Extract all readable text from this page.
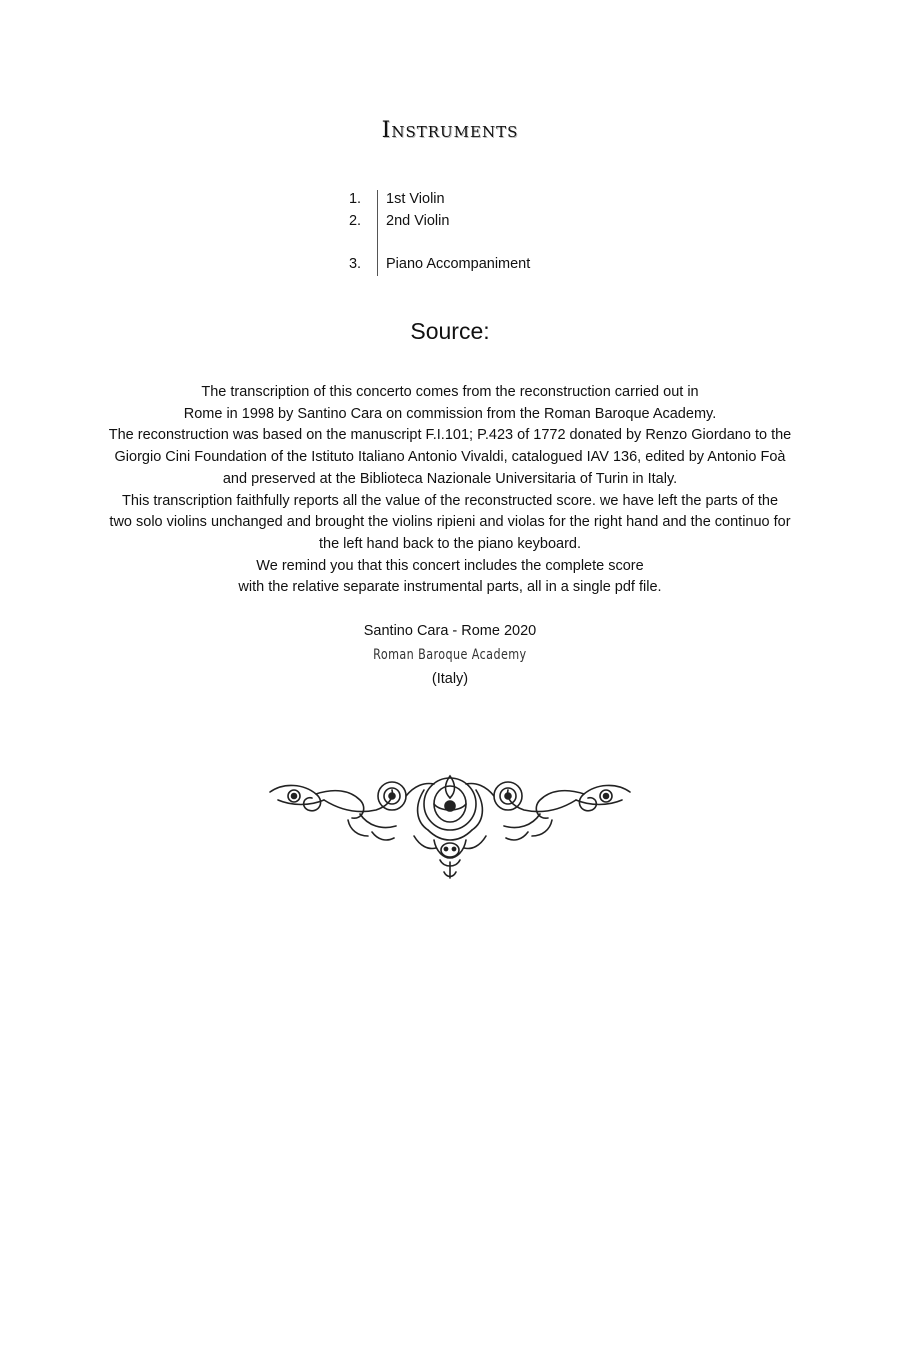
Instruments
1.	1st Violin
2.	2nd Violin
3.	Piano Accompaniment
Source:
The transcription of this concerto comes from the reconstruction carried out in
Rome in 1998 by Santino Cara on commission from the Roman Baroque Academy.
The reconstruction was based on the manuscript F.I.101; P.423 of 1772 donated by Renzo Giordano to the
Giorgio Cini Foundation of the Istituto Italiano Antonio Vivaldi, catalogued IAV 136, edited by Antonio Foà
and preserved at the Biblioteca Nazionale Universitaria of Turin in Italy.
This transcription faithfully reports all the value of the reconstructed score. we have left the parts of the
two solo violins unchanged and brought the violins ripieni and violas for the right hand and the continuo for
the left hand back to the piano keyboard.
We remind you that this concert includes the complete score
with the relative separate instrumental parts, all in a single pdf file.
Santino Cara - Rome 2020
Roman Baroque Academy
(Italy)
